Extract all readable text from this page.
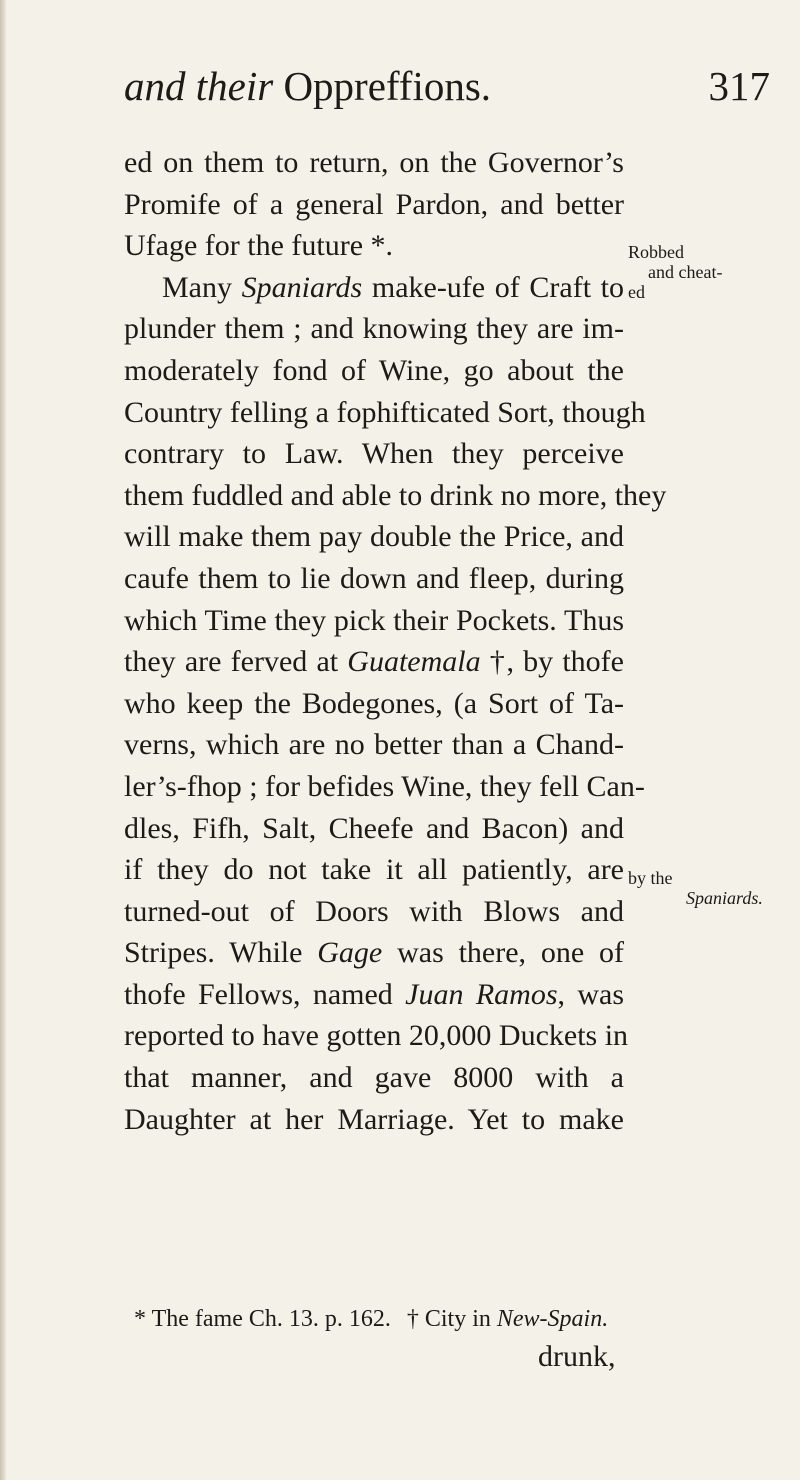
and their Oppreffions.	317
ed on them to return, on the Governor’s
Promife of a general Pardon, and better
Ufage for the future *.
Many Spaniards make-ufe of Craft to
plunder them ; and knowing they are im-
moderately fond of Wine, go about the
Country felling a fophifticated Sort, though
contrary to Law. When they perceive
them fuddled and able to drink no more, they
will make them pay double the Price, and
caufe them to lie down and fleep, during
which Time they pick their Pockets. Thus
they are ferved at Guatemala †, by thofe
who keep the Bodegones, (a Sort of Ta-
verns, which are no better than a Chand-
ler’s-fhop ; for befides Wine, they fell Can-
dles, Fifh, Salt, Cheefe and Bacon) and
if they do not take it all patiently, are
turned-out of Doors with Blows and
Stripes. While Gage was there, one of
thofe Fellows, named Juan Ramos, was
reported to have gotten 20,000 Duckets in
that manner, and gave 8000 with a
Daughter at her Marriage. Yet to make
Robbed
and cheat-
ed
by the
Spaniards.
* The fame Ch. 13. p. 162. † City in New-Spain.
drunk,
